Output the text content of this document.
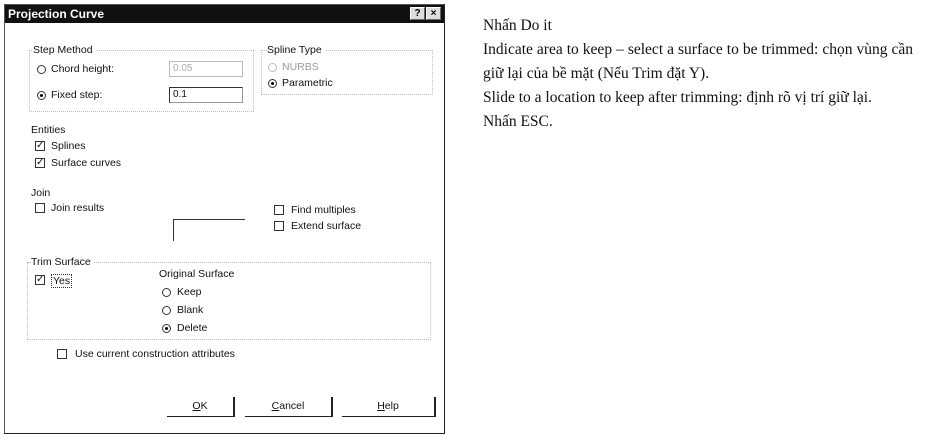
Projection Curve	?	×
Step Method
Chord height:	0.05
Fixed step:	0.1
Spline Type
NURBS
Parametric
Entities
✓ Splines
✓ Surface curves
Join
Join results	Find multiples
Extend surface
Trim Surface
✓ Yes
Original Surface
Keep
Blank
Delete
Use current construction attributes
OK	Cancel	Help

Nhấn Do it

Indicate area to keep – select a surface to be trimmed: chọn vùng cần giữ lại của bề mặt (Nếu Trim đặt Y).

Slide to a location to keep after trimming: định rõ vị trí giữ lại.

Nhấn ESC.
